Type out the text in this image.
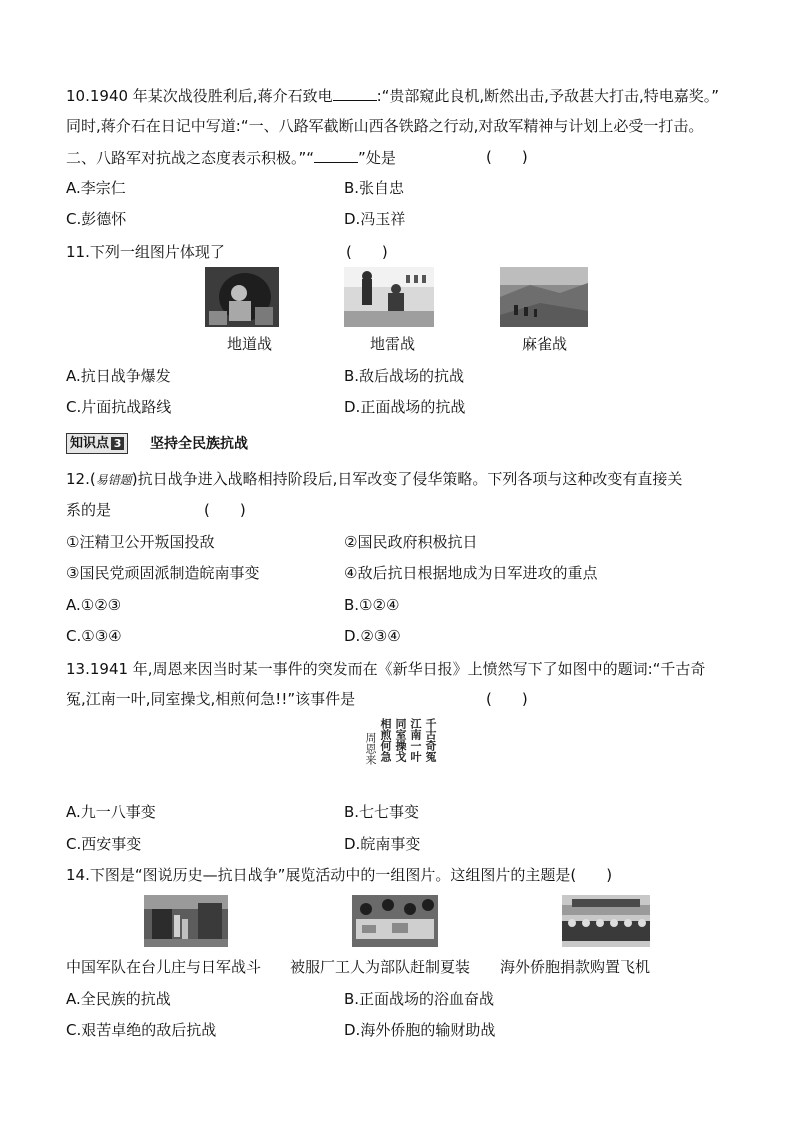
10.1940 年某次战役胜利后,蒋介石致电	:“贵部窥此良机,断然出击,予敌甚大打击,特电嘉奖。”
同时,蒋介石在日记中写道:“一、八路军截断山西各铁路之行动,对敌军精神与计划上必受一打击。
二、八路军对抗战之态度表示积极。”“	”处是	(　　)
A.李宗仁	B.张自忠
C.彭德怀	D.冯玉祥
11.下列一组图片体现了	(　　)
地道战	地雷战	麻雀战
A.抗日战争爆发	B.敌后战场的抗战
C.片面抗战路线	D.正面战场的抗战
知识点 3 坚持全民族抗战
12.(易错题)抗日战争进入战略相持阶段后,日军改变了侵华策略。下列各项与这种改变有直接关
系的是	(　　)
①汪精卫公开叛国投敌	②国民政府积极抗日
③国民党顽固派制造皖南事变	④敌后抗日根据地成为日军进攻的重点
A.①②③	B.①②④
C.①③④	D.②③④
13.1941 年,周恩来因当时某一事件的突发而在《新华日报》上愤然写下了如图中的题词:“千古奇
冤,江南一叶,同室操戈,相煎何急!!”该事件是	(　　)
千古奇冤
江南一叶
同室操戈
相煎何急
周恩来
A.九一八事变	B.七七事变
C.西安事变	D.皖南事变
14.下图是“图说历史—抗日战争”展览活动中的一组图片。这组图片的主题是(　　)
中国军队在台儿庄与日军战斗 被服厂工人为部队赶制夏装 海外侨胞捐款购置飞机
A.全民族的抗战	B.正面战场的浴血奋战
C.艰苦卓绝的敌后抗战	D.海外侨胞的输财助战
